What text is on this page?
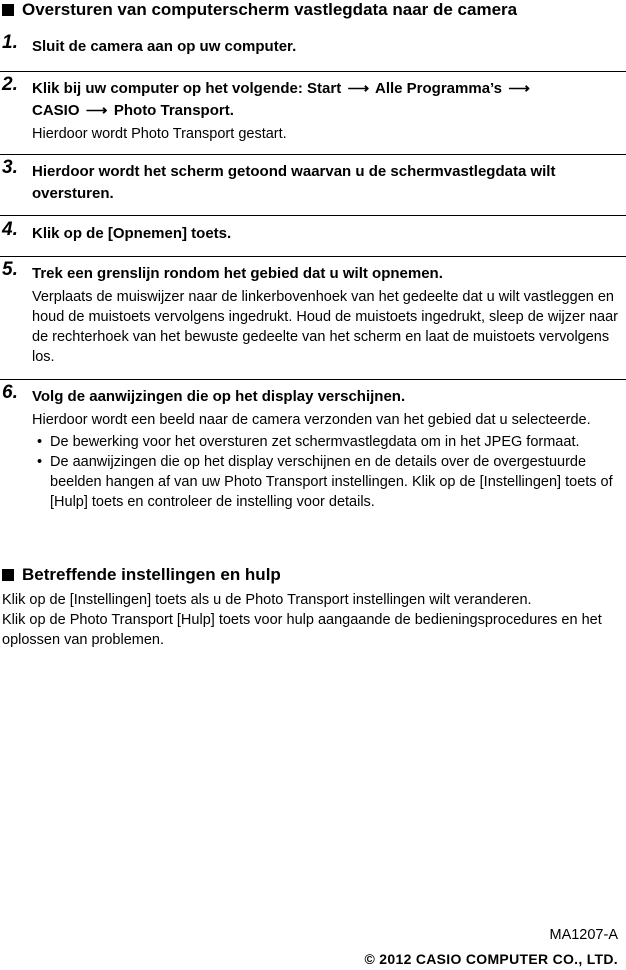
Oversturen van computerscherm vastlegdata naar de camera
1. Sluit de camera aan op uw computer.
2. Klik bij uw computer op het volgende: Start ⟶ Alle Programma’s ⟶
CASIO ⟶ Photo Transport.
Hierdoor wordt Photo Transport gestart.
3. Hierdoor wordt het scherm getoond waarvan u de schermvastlegdata wilt oversturen.
4. Klik op de [Opnemen] toets.
5. Trek een grenslijn rondom het gebied dat u wilt opnemen.
Verplaats de muiswijzer naar de linkerbovenhoek van het gedeelte dat u wilt vastleggen en houd de muistoets vervolgens ingedrukt. Houd de muistoets ingedrukt, sleep de wijzer naar de rechterhoek van het bewuste gedeelte van het scherm en laat de muistoets vervolgens los.
6. Volg de aanwijzingen die op het display verschijnen.
Hierdoor wordt een beeld naar de camera verzonden van het gebied dat u selecteerde.
• De bewerking voor het oversturen zet schermvastlegdata om in het JPEG formaat.
• De aanwijzingen die op het display verschijnen en de details over de overgestuurde beelden hangen af van uw Photo Transport instellingen. Klik op de [Instellingen] toets of [Hulp] toets en controleer de instelling voor details.
Betreffende instellingen en hulp
Klik op de [Instellingen] toets als u de Photo Transport instellingen wilt veranderen.
Klik op de Photo Transport [Hulp] toets voor hulp aangaande de bedieningsprocedures en het oplossen van problemen.
MA1207-A
© 2012 CASIO COMPUTER CO., LTD.
